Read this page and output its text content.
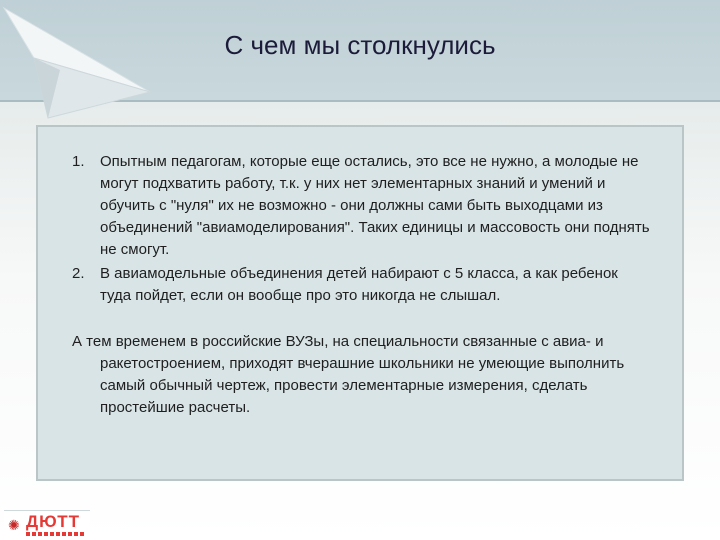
С чем мы столкнулись
1. Опытным педагогам, которые еще остались, это все не нужно, а молодые не могут подхватить работу, т.к. у них нет элементарных знаний и умений и обучить с "нуля" их не возможно - они должны сами быть выходцами из объединений "авиамоделирования". Таких единицы и массовость они поднять не смогут.
2. В авиамодельные объединения детей набирают с 5 класса, а как ребенок туда пойдет, если он вообще про это никогда не слышал.

А тем временем в российские ВУЗы, на специальности связанные с авиа- и ракетостроением, приходят вчерашние школьники не умеющие выполнить самый обычный чертеж, провести элементарные измерения, сделать простейшие расчеты.

✺ ДЮТТ
